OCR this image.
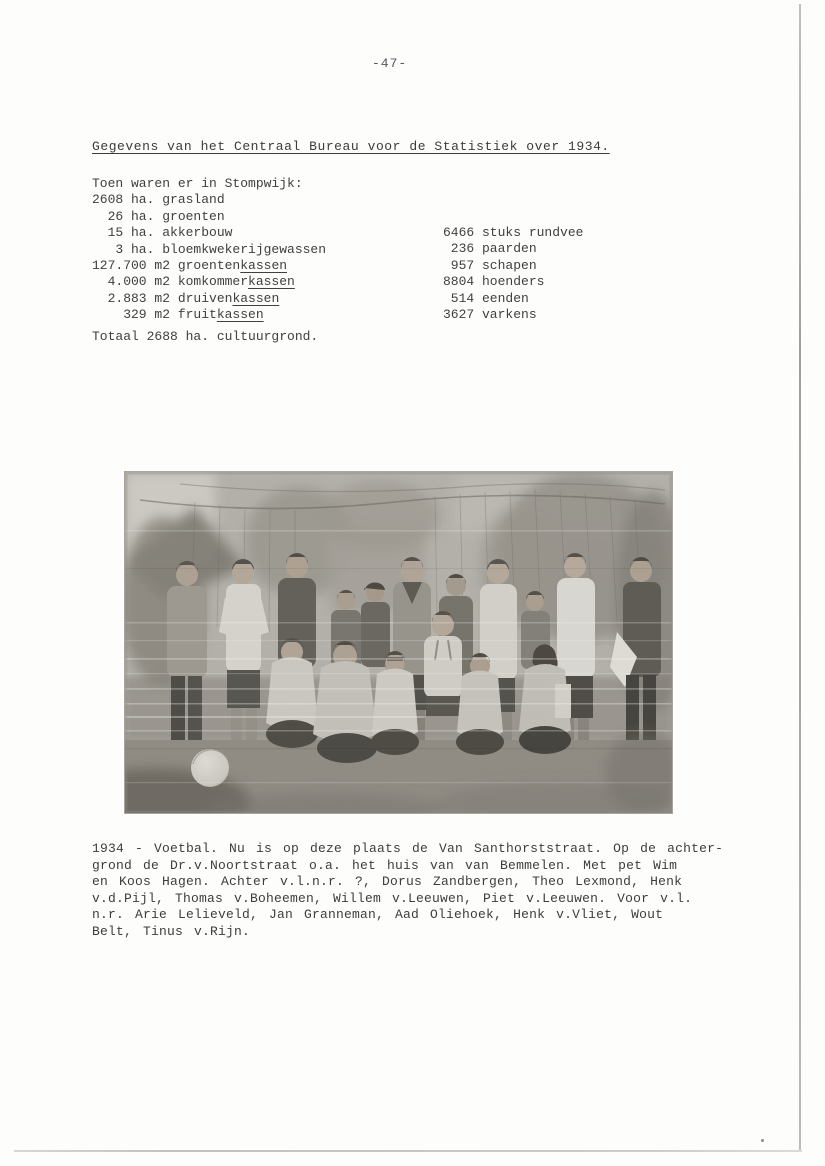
-47-
Gegevens van het Centraal Bureau voor de Statistiek over 1934.
Toen waren er in Stompwijk:
2608 ha. grasland
26 ha. groenten
15 ha. akkerbouw
3 ha. bloemkwekerijgewassen
127.700 m2 groentenkassen
4.000 m2 komkommerkassen
2.883 m2 druivenkassen
329 m2 fruitkassen
6466 stuks rundvee
236 paarden
957 schapen
8804 hoenders
514 eenden
3627 varkens
Totaal 2688 ha. cultuurgrond.
1934 - Voetbal. Nu is op deze plaats de Van Santhorststraat. Op de achter-
grond de Dr.v.Noortstraat o.a. het huis van van Bemmelen. Met pet Wim
en Koos Hagen. Achter v.l.n.r. ?, Dorus Zandbergen, Theo Lexmond, Henk
v.d.Pijl, Thomas v.Boheemen, Willem v.Leeuwen, Piet v.Leeuwen. Voor v.l.
n.r. Arie Lelieveld, Jan Granneman, Aad Oliehoek, Henk v.Vliet, Wout
Belt, Tinus v.Rijn.
